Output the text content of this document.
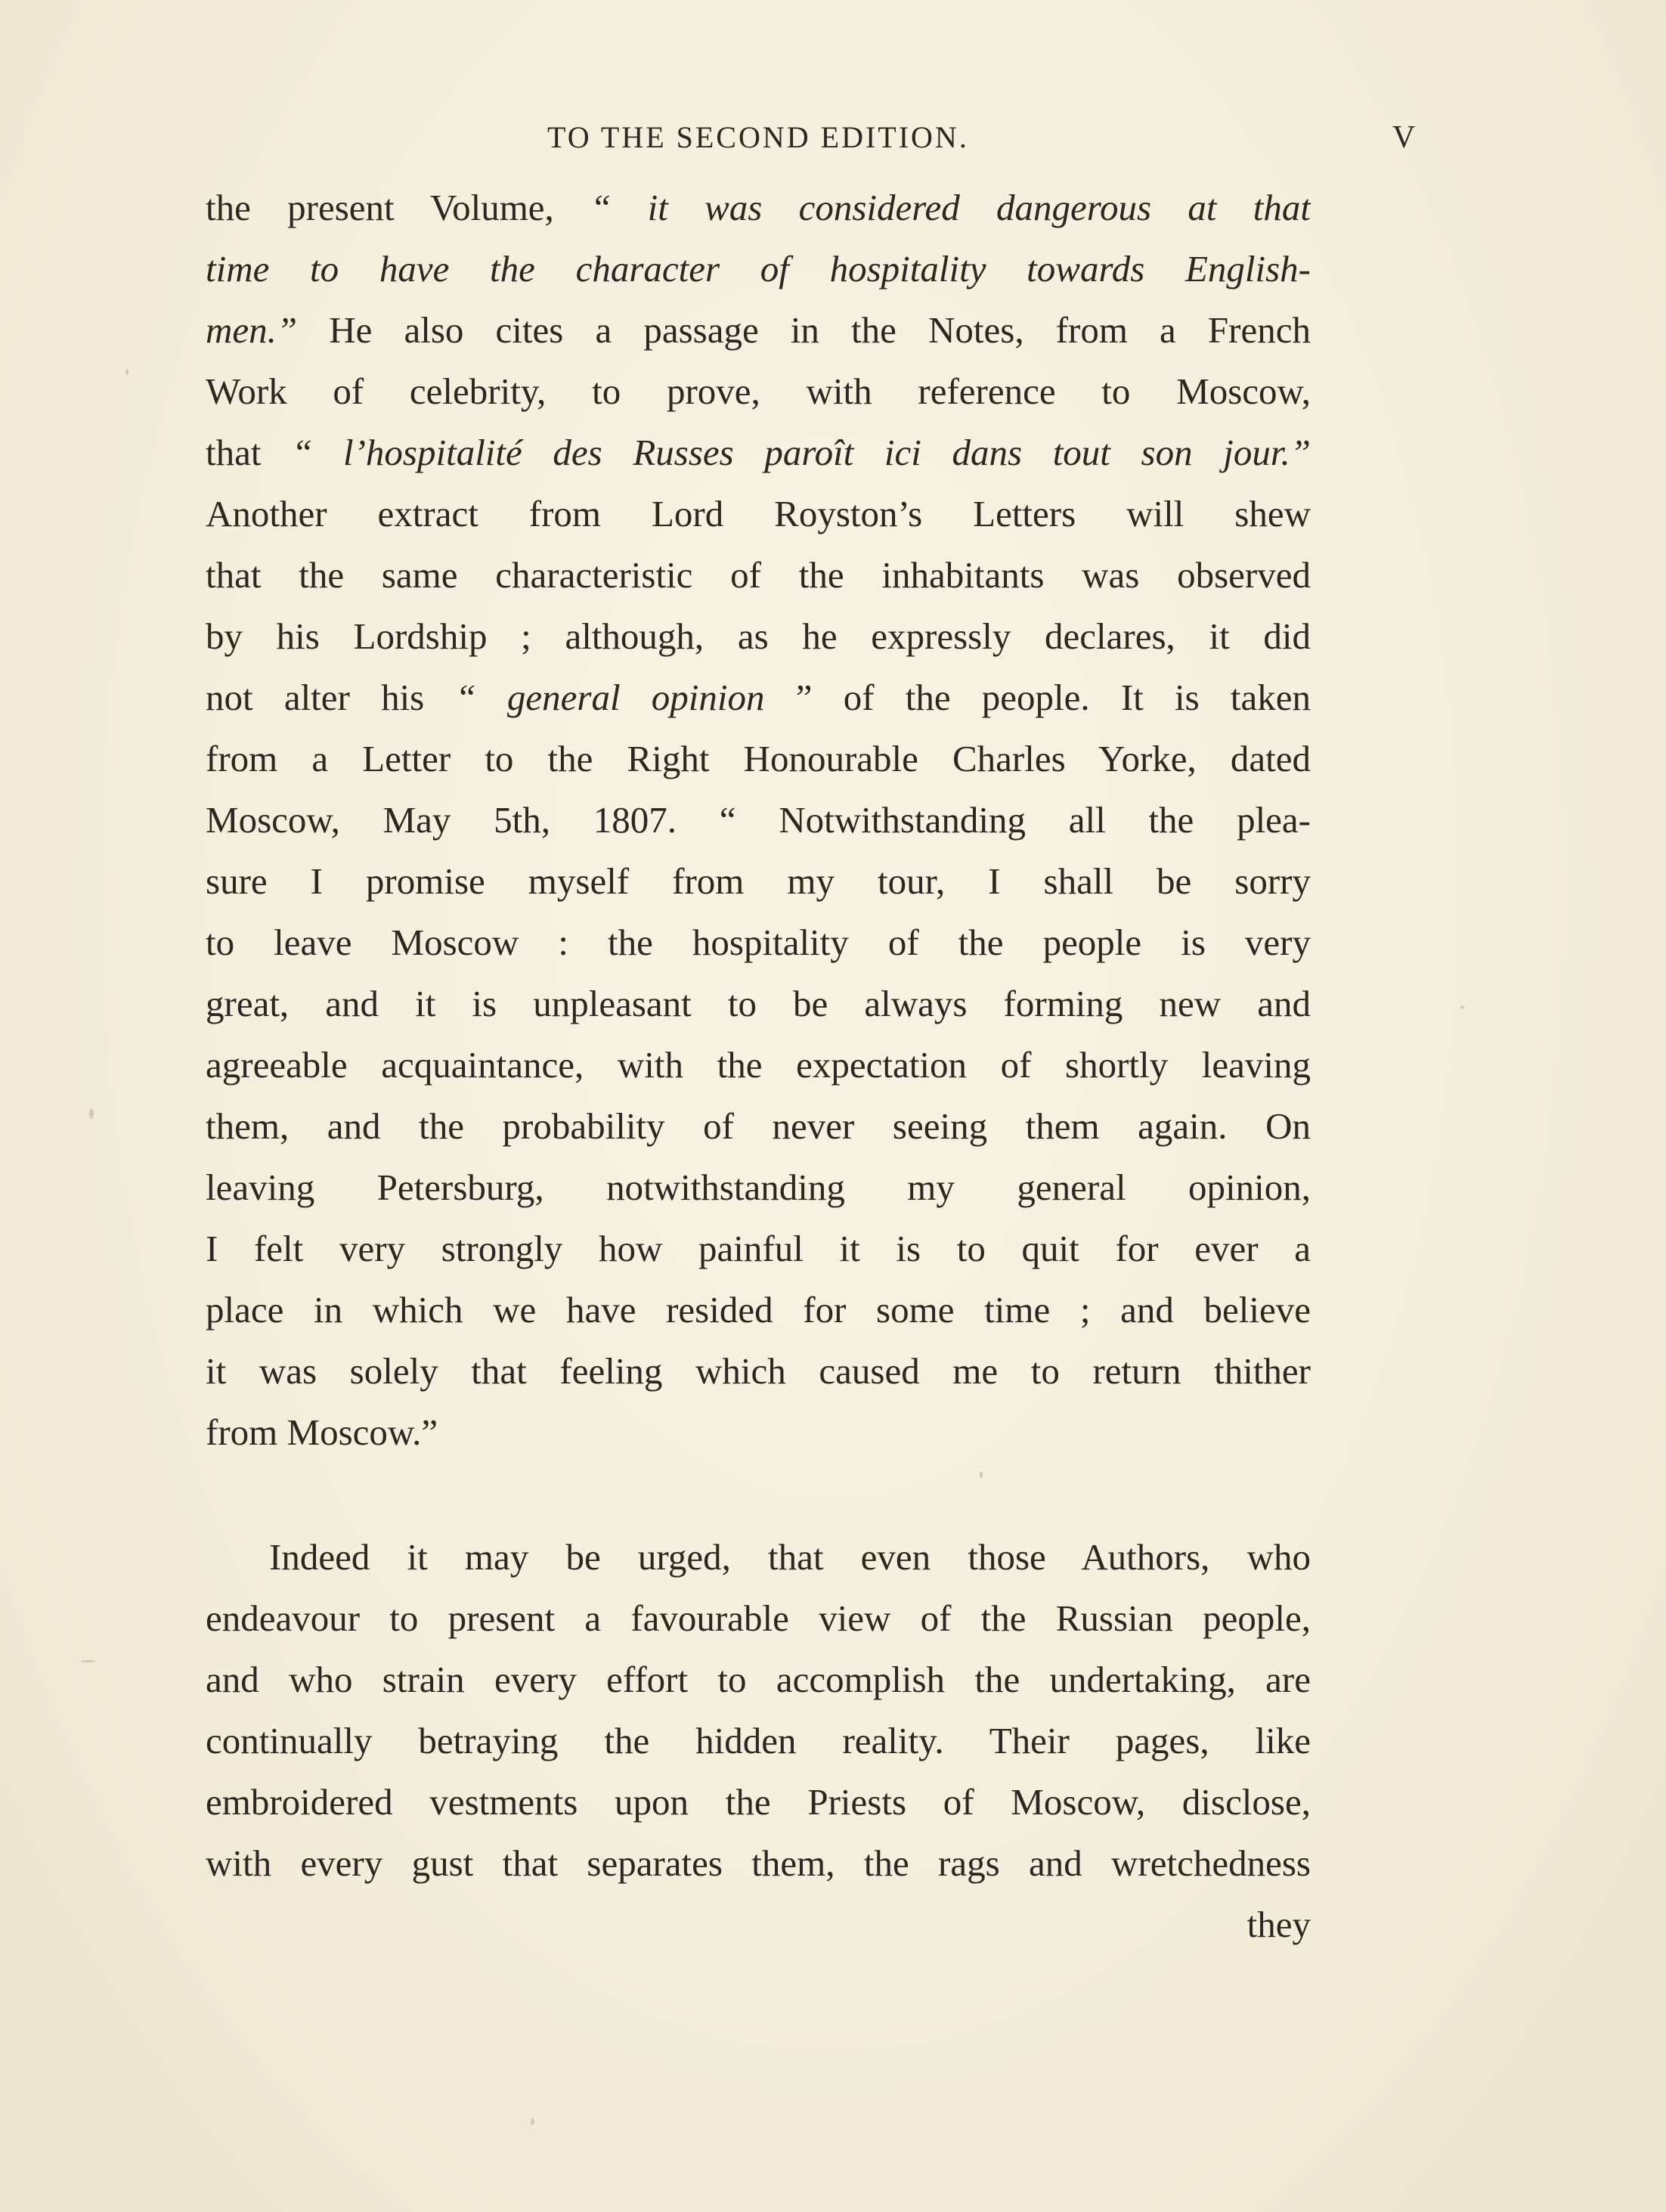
TO THE SECOND EDITION.	V
the present Volume, “ it was considered dangerous at that
time to have the character of hospitality towards English-
men.” He also cites a passage in the Notes, from a French
Work of celebrity, to prove, with reference to Moscow,
that “ l’hospitalité des Russes paroît ici dans tout son jour.”
Another extract from Lord Royston’s Letters will shew
that the same characteristic of the inhabitants was observed
by his Lordship ; although, as he expressly declares, it did
not alter his “ general opinion ” of the people. It is taken
from a Letter to the Right Honourable Charles Yorke, dated
Moscow, May 5th, 1807. “ Notwithstanding all the plea-
sure I promise myself from my tour, I shall be sorry
to leave Moscow : the hospitality of the people is very
great, and it is unpleasant to be always forming new and
agreeable acquaintance, with the expectation of shortly leaving
them, and the probability of never seeing them again. On
leaving Petersburg, notwithstanding my general opinion,
I felt very strongly how painful it is to quit for ever a
place in which we have resided for some time ; and believe
it was solely that feeling which caused me to return thither
from Moscow.”
Indeed it may be urged, that even those Authors, who
endeavour to present a favourable view of the Russian people,
and who strain every effort to accomplish the undertaking, are
continually betraying the hidden reality. Their pages, like
embroidered vestments upon the Priests of Moscow, disclose,
with every gust that separates them, the rags and wretchedness
they
